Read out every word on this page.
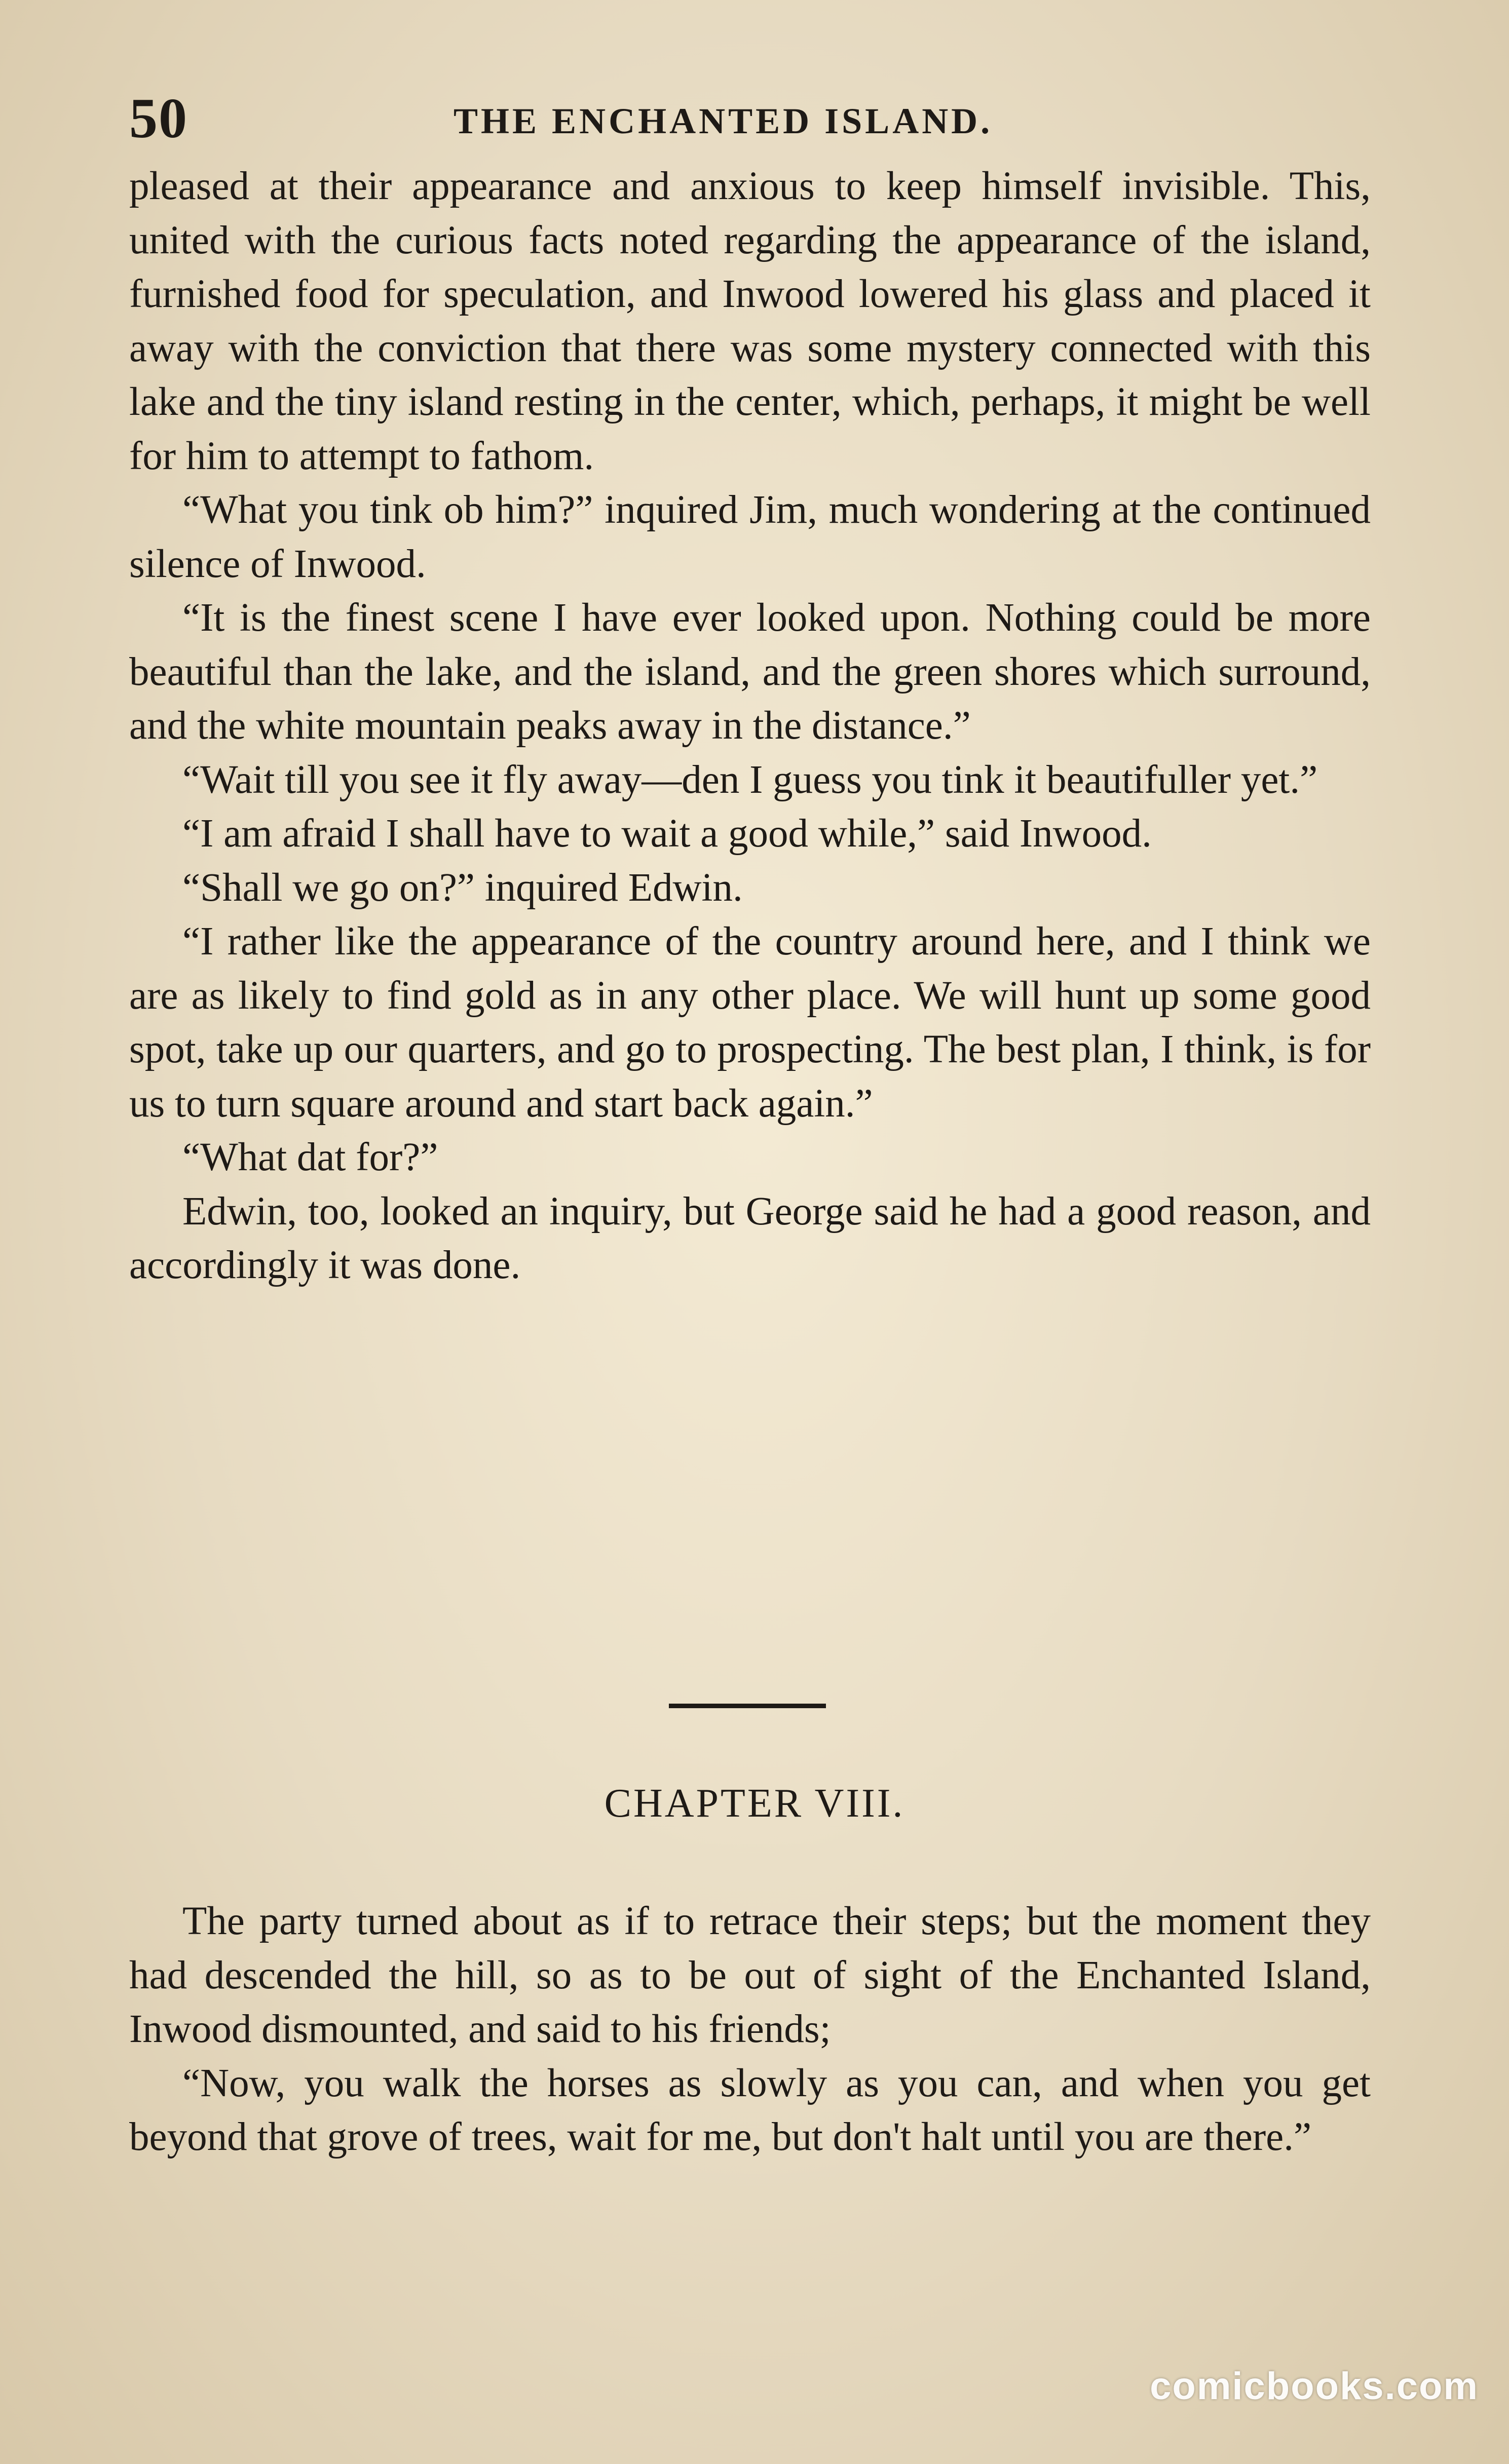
50	THE ENCHANTED ISLAND.

pleased at their appearance and anxious to keep himself invisible. This, united with the curious facts noted regarding the appearance of the island, furnished food for speculation, and Inwood lowered his glass and placed it away with the conviction that there was some mystery connected with this lake and the tiny island resting in the center, which, perhaps, it might be well for him to attempt to fathom.

“What you tink ob him?” inquired Jim, much wondering at the continued silence of Inwood.

“It is the finest scene I have ever looked upon. Nothing could be more beautiful than the lake, and the island, and the green shores which surround, and the white mountain peaks away in the distance.”

“Wait till you see it fly away—den I guess you tink it beautifuller yet.”

“I am afraid I shall have to wait a good while,” said Inwood.

“Shall we go on?” inquired Edwin.

“I rather like the appearance of the country around here, and I think we are as likely to find gold as in any other place. We will hunt up some good spot, take up our quarters, and go to prospecting. The best plan, I think, is for us to turn square around and start back again.”

“What dat for?”

Edwin, too, looked an inquiry, but George said he had a good reason, and accordingly it was done.

CHAPTER VIII.

The party turned about as if to retrace their steps; but the moment they had descended the hill, so as to be out of sight of the Enchanted Island, Inwood dismounted, and said to his friends;

“Now, you walk the horses as slowly as you can, and when you get beyond that grove of trees, wait for me, but don't halt until you are there.”

comicbooks.com
